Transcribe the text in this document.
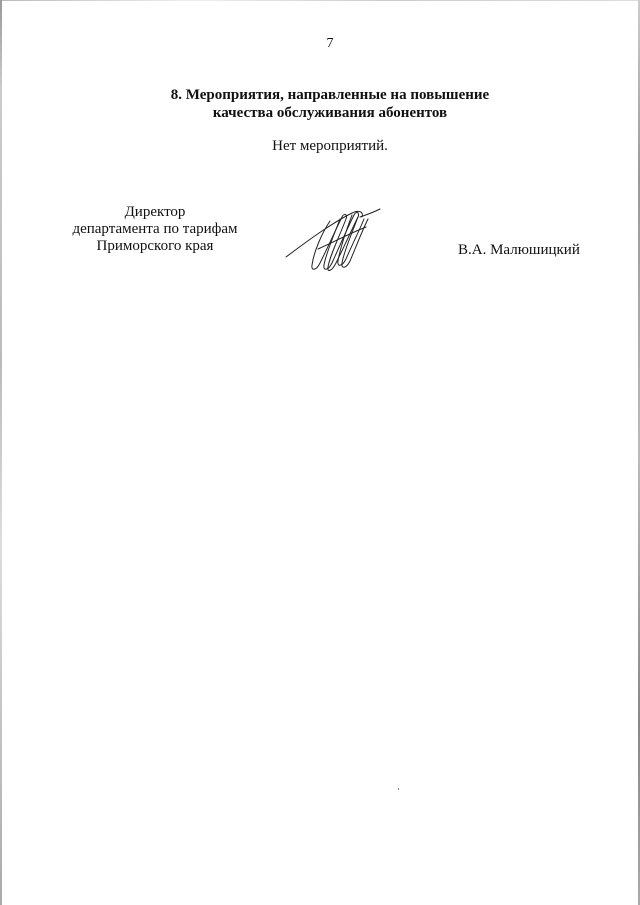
7
8. Мероприятия, направленные на повышение
качества обслуживания абонентов
Нет мероприятий.
Директор
департамента по тарифам
Приморского края	В.А. Малюшицкий
